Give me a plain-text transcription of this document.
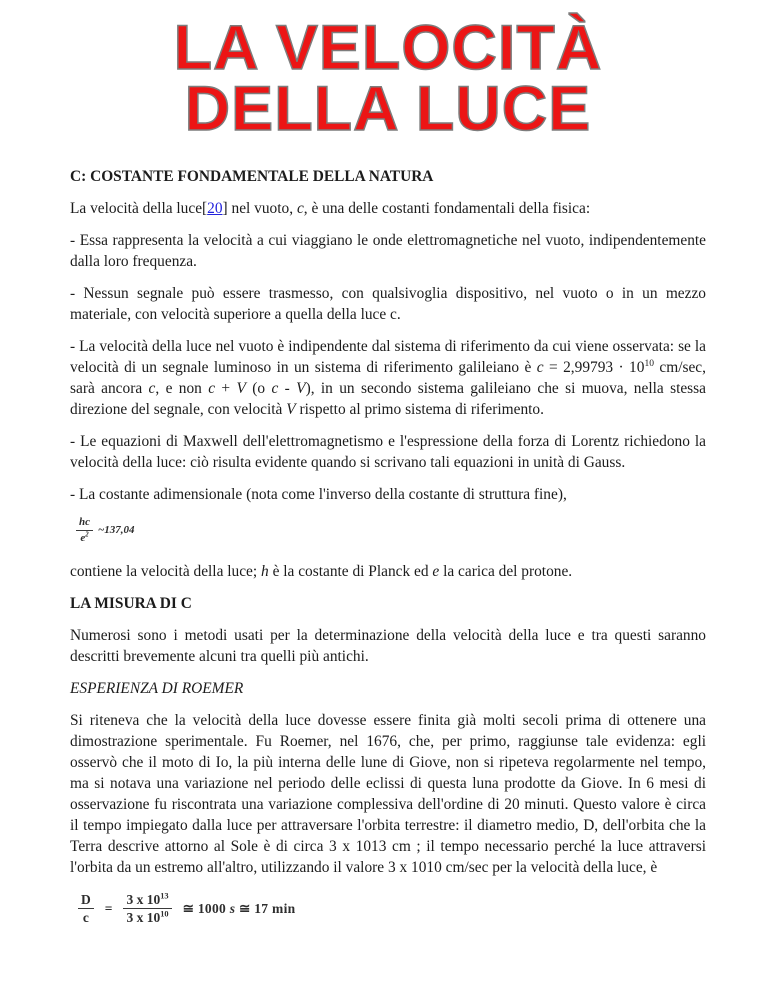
LA VELOCITÀ
DELLA LUCE
C: COSTANTE FONDAMENTALE DELLA NATURA
La velocità della luce[20] nel vuoto, c, è una delle costanti fondamentali della fisica:
- Essa rappresenta la velocità a cui viaggiano le onde elettromagnetiche nel vuoto, indipendentemente dalla loro frequenza.
- Nessun segnale può essere trasmesso, con qualsivoglia dispositivo, nel vuoto o in un mezzo materiale, con velocità superiore a quella della luce c.
- La velocità della luce nel vuoto è indipendente dal sistema di riferimento da cui viene osservata: se la velocità di un segnale luminoso in un sistema di riferimento galileiano è $c = 2,99793 \cdot 10^{10}$ cm/sec, sarà ancora c, e non c + V (o c - V), in un secondo sistema galileiano che si muova, nella stessa direzione del segnale, con velocità V rispetto al primo sistema di riferimento.
- Le equazioni di Maxwell dell'elettromagnetismo e l'espressione della forza di Lorentz richiedono la velocità della luce: ciò risulta evidente quando si scrivano tali equazioni in unità di Gauss.
- La costante adimensionale (nota come l'inverso della costante di struttura fine),
$\frac{hc}{e^2}$ ~137,04
contiene la velocità della luce; h è la costante di Planck ed e la carica del protone.
LA MISURA DI C
Numerosi sono i metodi usati per la determinazione della velocità della luce e tra questi saranno descritti brevemente alcuni tra quelli più antichi.
ESPERIENZA DI ROEMER
Si riteneva che la velocità della luce dovesse essere finita già molti secoli prima di ottenere una dimostrazione sperimentale. Fu Roemer, nel 1676, che, per primo, raggiunse tale evidenza: egli osservò che il moto di Io, la più interna delle lune di Giove, non si ripeteva regolarmente nel tempo, ma si notava una variazione nel periodo delle eclissi di questa luna prodotte da Giove. In 6 mesi di osservazione fu riscontrata una variazione complessiva dell'ordine di 20 minuti. Questo valore è circa il tempo impiegato dalla luce per attraversare l'orbita terrestre: il diametro medio, D, dell'orbita che la Terra descrive attorno al Sole è di circa 3 x 1013 cm ; il tempo necessario perché la luce attraversi l'orbita da un estremo all'altro, utilizzando il valore 3 x 1010 cm/sec per la velocità della luce, è
$\frac{D}{c} = \frac{3 x 10^{13}}{3 x 10^{10}}$ ≅ 1000 s ≅ 17 min
